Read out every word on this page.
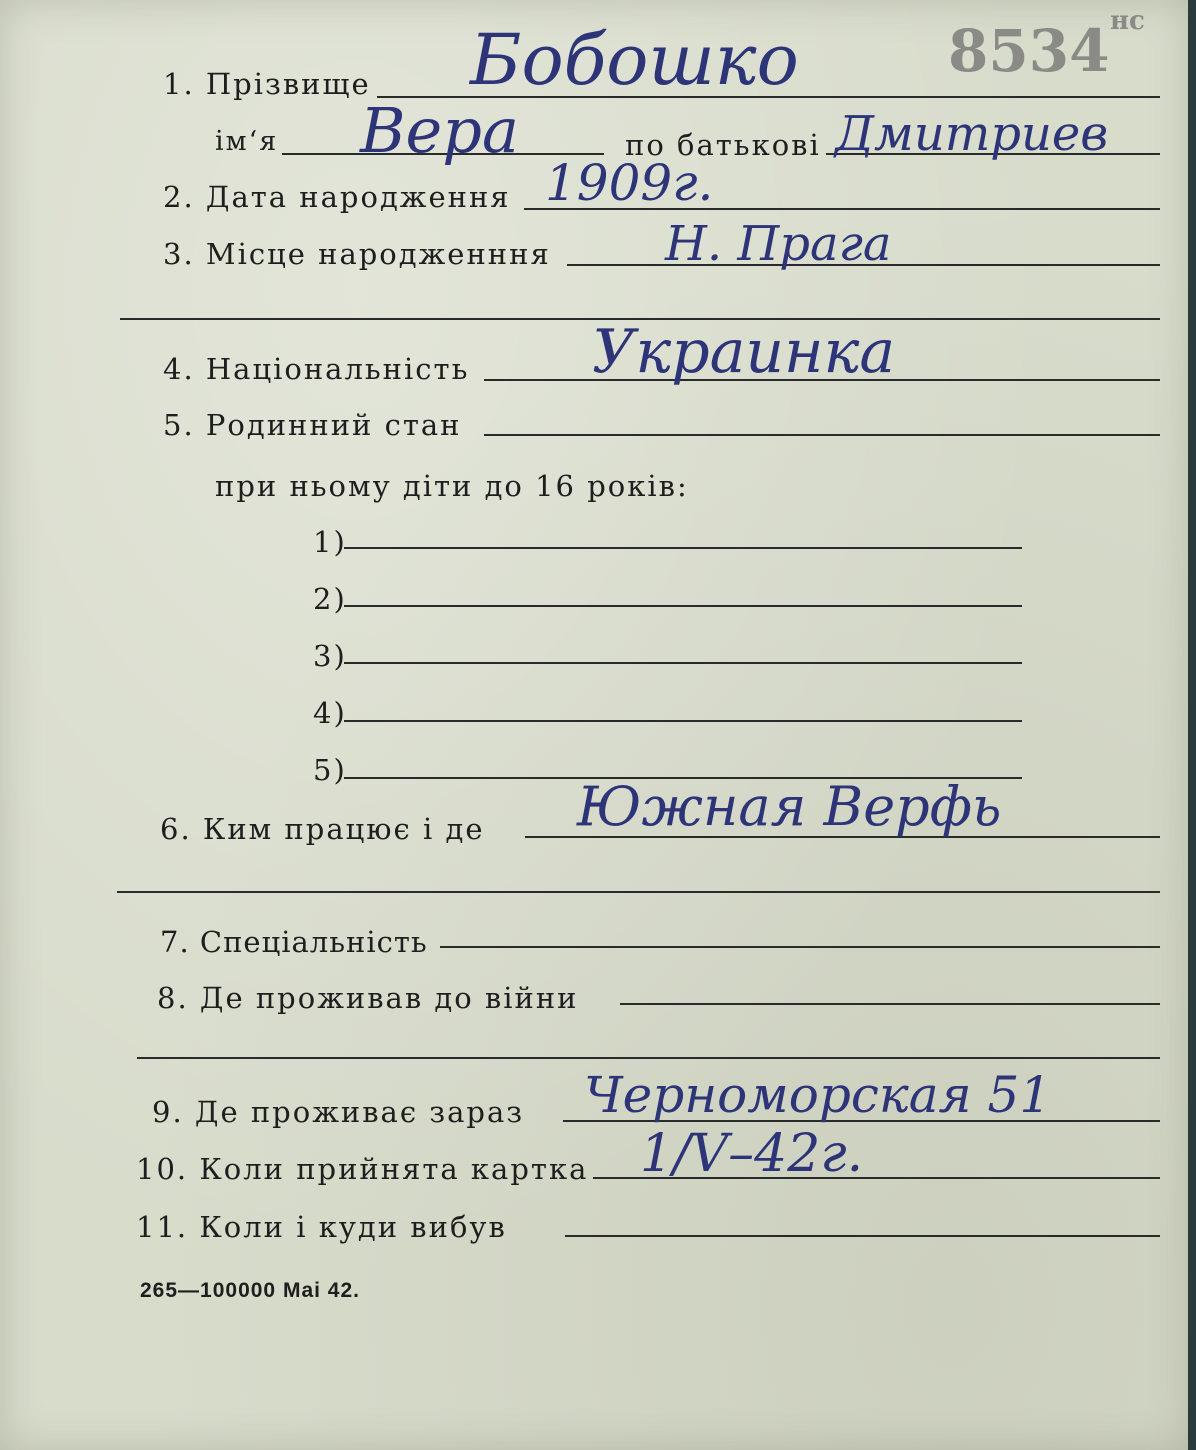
8534 нс
1. Прізвище Бобошко
ім‘я Вера	по батькові Дмитриев
2. Дата народження 1909г.
3. Місце народженння Н. Прага
4. Національність Украинка
5. Родинний стан
при ньому діти до 16 років:
1)
2)
3)
4)
5)
6. Ким працює і де Южная Верфь
7. Спеціальність
8. Де проживав до війни
9. Де проживає зараз Черноморская 51
10. Коли прийнята картка 1/V–42г.
11. Коли і куди вибув
265—100000 Mai 42.
